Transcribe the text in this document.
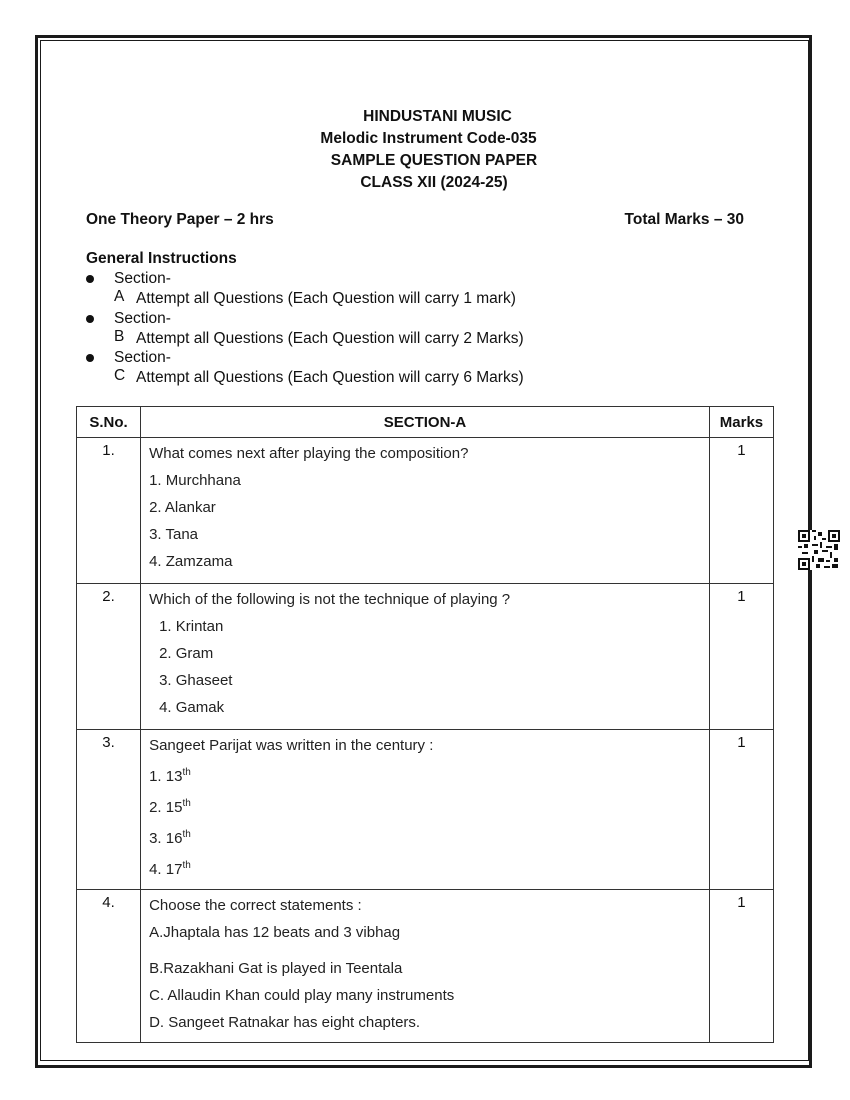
HINDUSTANI MUSIC
Melodic Instrument Code-035
SAMPLE QUESTION PAPER
CLASS XII (2024-25)
One Theory Paper – 2 hrs	Total Marks – 30
General Instructions
Section-A Attempt all Questions (Each Question will carry 1 mark)
Section-B Attempt all Questions (Each Question will carry 2 Marks)
Section-C Attempt all Questions (Each Question will carry 6 Marks)
S.No.	SECTION-A	Marks
1.	What comes next after playing the composition?
1. Murchhana
2. Alankar
3. Tana
4. Zamzama	1
2.	Which of the following is not the technique of playing ?
1. Krintan
2. Gram
3. Ghaseet
4. Gamak	1
3.	Sangeet Parijat was written in the century :
1. 13th
2. 15th
3. 16th
4. 17th	1
4.	Choose the correct statements :
A.Jhaptala has 12 beats and 3 vibhag
B.Razakhani Gat is played in Teentala
C. Allaudin Khan could play many instruments
D. Sangeet Ratnakar has eight chapters.	1
